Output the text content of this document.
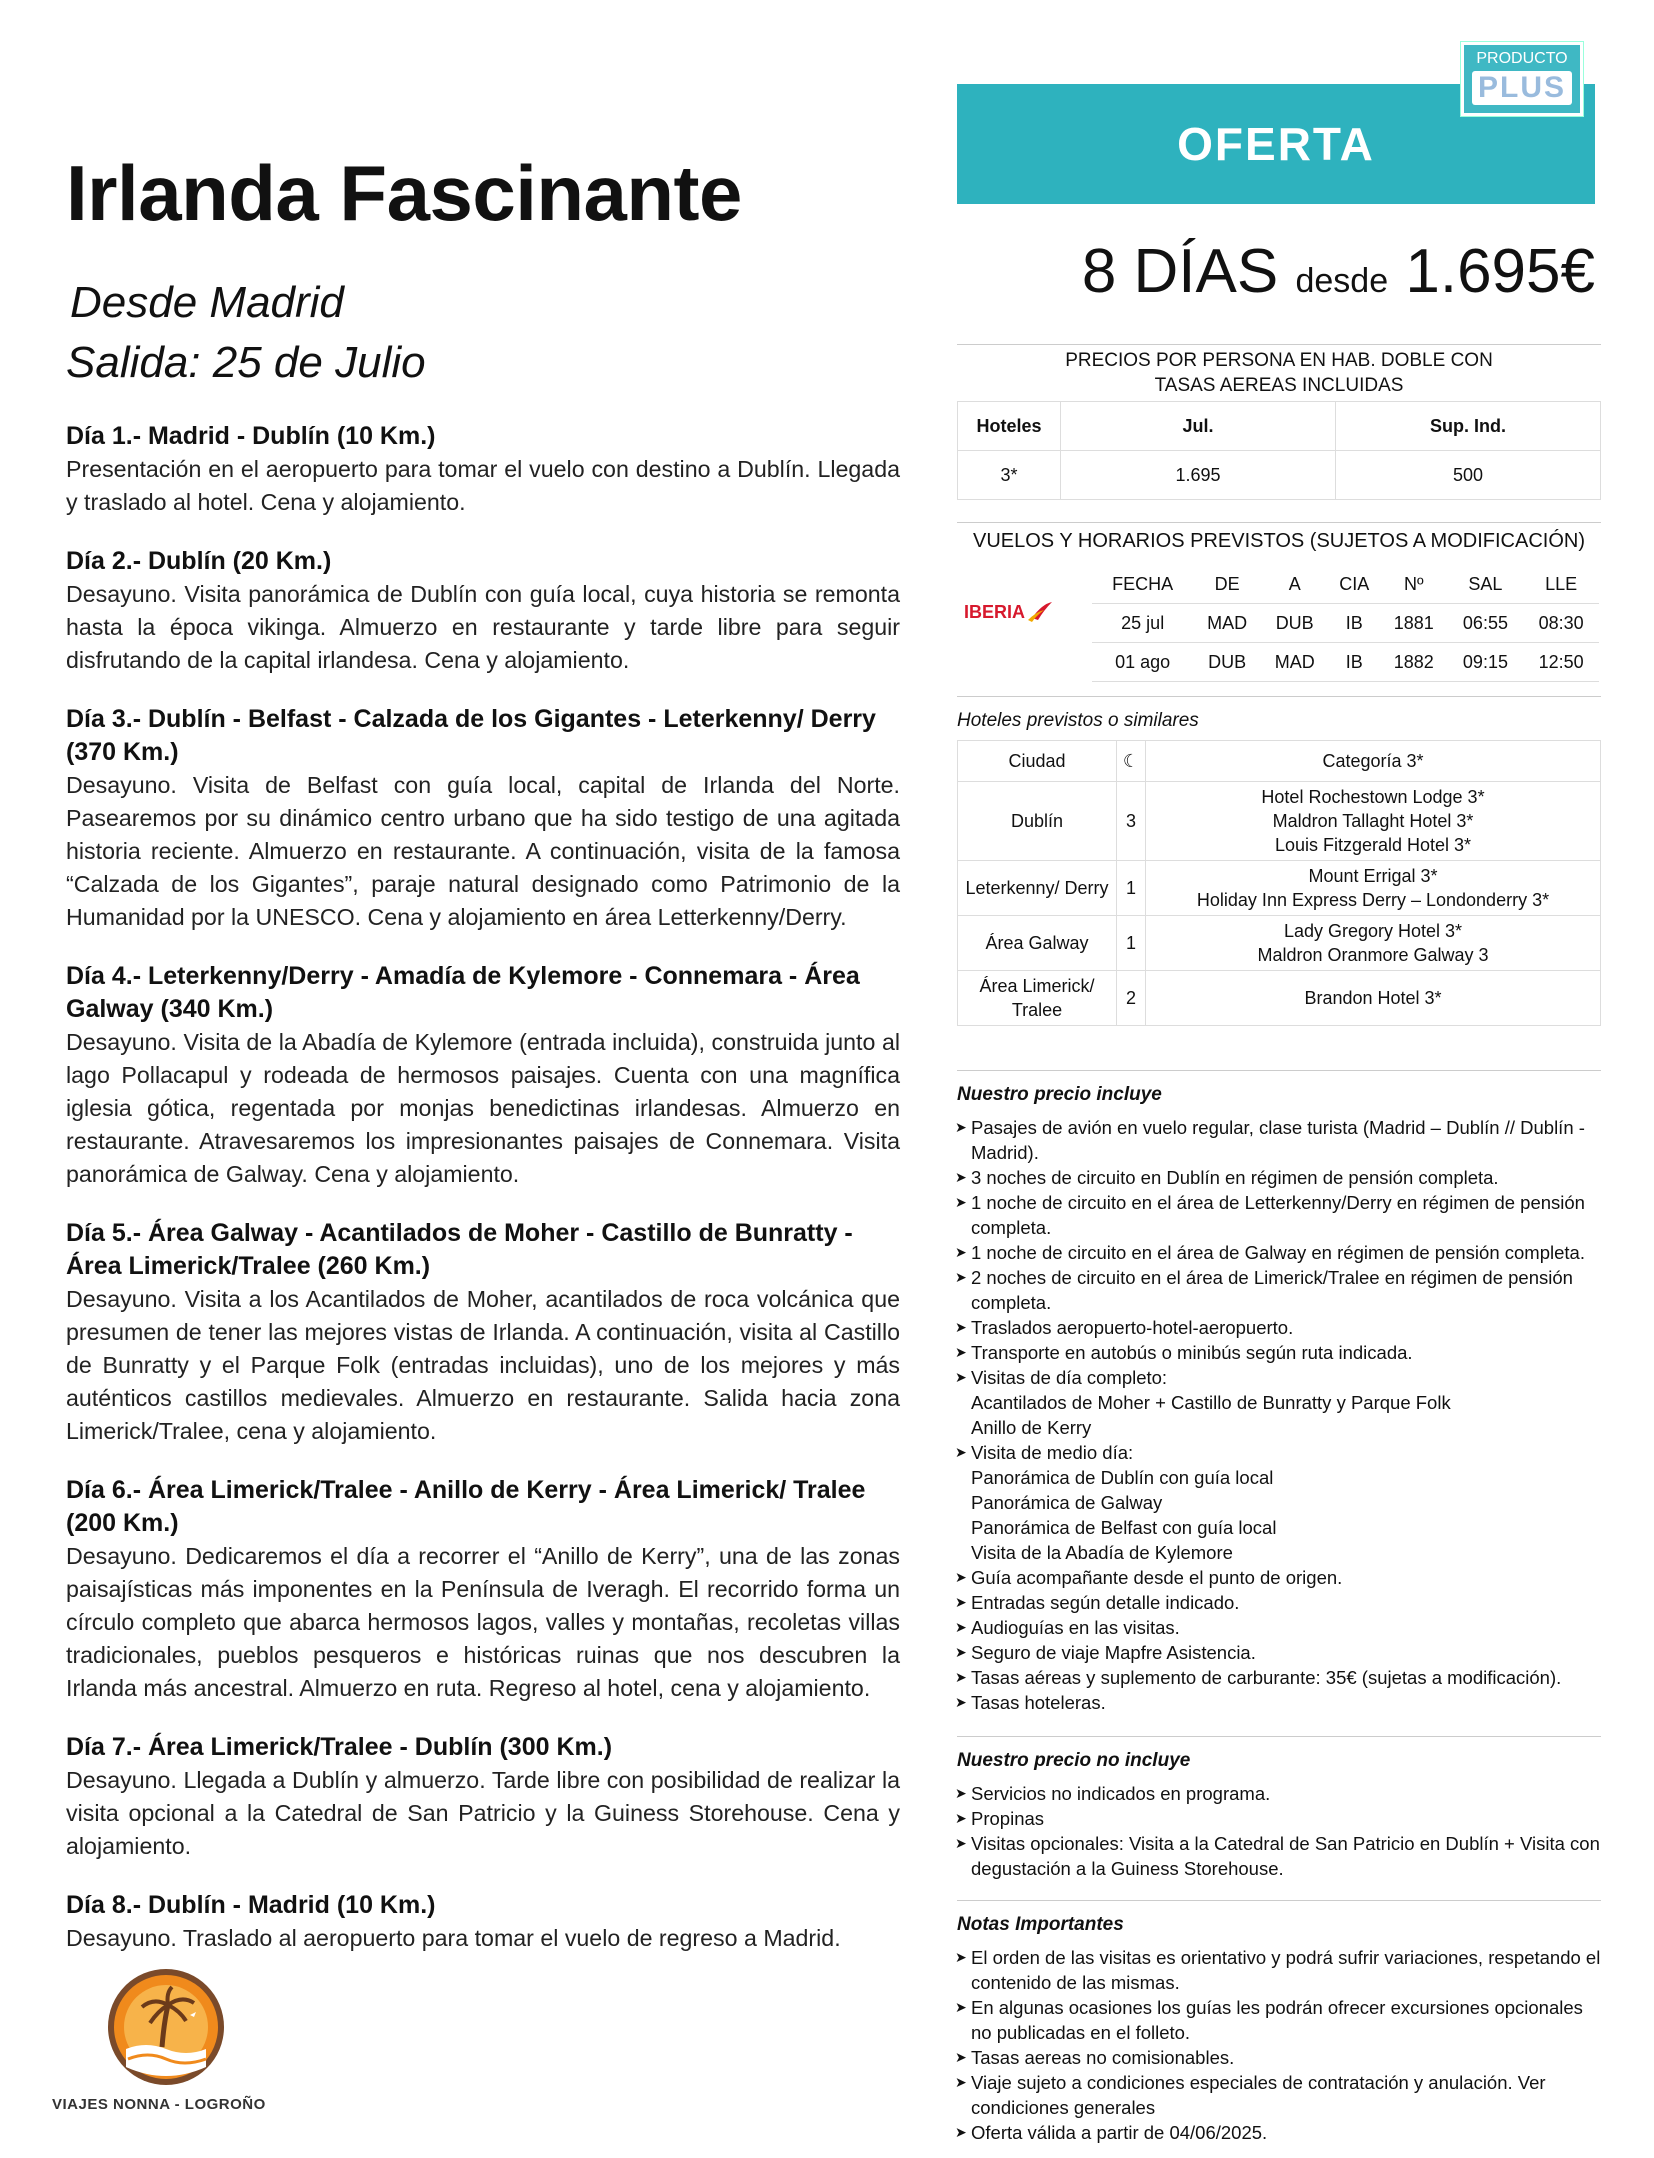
Irlanda Fascinante
Desde Madrid
Salida: 25 de Julio
Día 1.- Madrid - Dublín (10 Km.)

Presentación en el aeropuerto para tomar el vuelo con destino a Dublín. Llegada y traslado al hotel. Cena y alojamiento.

Día 2.- Dublín (20 Km.)

Desayuno. Visita panorámica de Dublín con guía local, cuya historia se remonta hasta la época vikinga. Almuerzo en restaurante y tarde libre para seguir disfrutando de la capital irlandesa. Cena y alojamiento.

Día 3.- Dublín - Belfast - Calzada de los Gigantes - Leterkenny/ Derry (370 Km.)

Desayuno. Visita de Belfast con guía local, capital de Irlanda del Norte. Pasearemos por su dinámico centro urbano que ha sido testigo de una agitada historia reciente. Almuerzo en restaurante. A continuación, visita de la famosa “Calzada de los Gigantes”, paraje natural designado como Patrimonio de la Humanidad por la UNESCO. Cena y alojamiento en área Letterkenny/Derry.

Día 4.- Leterkenny/Derry - Amadía de Kylemore - Connemara - Área Galway (340 Km.)

Desayuno. Visita de la Abadía de Kylemore (entrada incluida), construida junto al lago Pollacapul y rodeada de hermosos paisajes. Cuenta con una magnífica iglesia gótica, regentada por monjas benedictinas irlandesas. Almuerzo en restaurante. Atravesaremos los impresionantes paisajes de Connemara. Visita panorámica de Galway. Cena y alojamiento.

Día 5.- Área Galway - Acantilados de Moher - Castillo de Bunratty - Área Limerick/Tralee (260 Km.)

Desayuno. Visita a los Acantilados de Moher, acantilados de roca volcánica que presumen de tener las mejores vistas de Irlanda. A continuación, visita al Castillo de Bunratty y el Parque Folk (entradas incluidas), uno de los mejores y más auténticos castillos medievales. Almuerzo en restaurante. Salida hacia zona Limerick/Tralee, cena y alojamiento.

Día 6.- Área Limerick/Tralee - Anillo de Kerry - Área Limerick/ Tralee (200 Km.)

Desayuno. Dedicaremos el día a recorrer el “Anillo de Kerry”, una de las zonas paisajísticas más imponentes en la Península de Iveragh. El recorrido forma un círculo completo que abarca hermosos lagos, valles y montañas, recoletas villas tradicionales, pueblos pesqueros e históricas ruinas que nos descubren la Irlanda más ancestral. Almuerzo en ruta. Regreso al hotel, cena y alojamiento.

Día 7.- Área Limerick/Tralee - Dublín (300 Km.)

Desayuno. Llegada a Dublín y almuerzo. Tarde libre con posibilidad de realizar la visita opcional a la Catedral de San Patricio y la Guiness Storehouse. Cena y alojamiento.

Día 8.- Dublín - Madrid (10 Km.)

Desayuno. Traslado al aeropuerto para tomar el vuelo de regreso a Madrid.

VIAJES NONNA - LOGROÑO
OFERTA
PRODUCTO
PLUS
8 DÍAS desde 1.695€
PRECIOS POR PERSONA EN HAB. DOBLE CON
TASAS AEREAS INCLUIDAS
Hoteles	Jul.	Sup. Ind.
3*	1.695	500
VUELOS Y HORARIOS PREVISTOS (SUJETOS A MODIFICACIÓN)
IBERIA
FECHA	DE	A	CIA	Nº	SAL	LLE
25 jul	MAD	DUB	IB	1881	06:55	08:30
01 ago	DUB	MAD	IB	1882	09:15	12:50
Hoteles previstos o similares
Ciudad	☾	Categoría 3*
Dublín	3	Hotel Rochestown Lodge 3*
Maldron Tallaght Hotel 3*
Louis Fitzgerald Hotel 3*

Leterkenny/ Derry	1	Mount Errigal 3*
Holiday Inn Express Derry – Londonderry 3*

Área Galway	1	Lady Gregory Hotel 3*
Maldron Oranmore Galway 3

Área Limerick/ Tralee	2	Brandon Hotel 3*
Nuestro precio incluye
➤ Pasajes de avión en vuelo regular, clase turista (Madrid – Dublín // Dublín - Madrid).
➤ 3 noches de circuito en Dublín en régimen de pensión completa.
➤ 1 noche de circuito en el área de Letterkenny/Derry en régimen de pensión completa.
➤ 1 noche de circuito en el área de Galway en régimen de pensión completa.
➤ 2 noches de circuito en el área de Limerick/Tralee en régimen de pensión completa.
➤ Traslados aeropuerto-hotel-aeropuerto.
➤ Transporte en autobús o minibús según ruta indicada.
➤ Visitas de día completo:
Acantilados de Moher + Castillo de Bunratty y Parque Folk
Anillo de Kerry
➤ Visita de medio día:
Panorámica de Dublín con guía local
Panorámica de Galway
Panorámica de Belfast con guía local
Visita de la Abadía de Kylemore
➤ Guía acompañante desde el punto de origen.
➤ Entradas según detalle indicado.
➤ Audioguías en las visitas.
➤ Seguro de viaje Mapfre Asistencia.
➤ Tasas aéreas y suplemento de carburante: 35€ (sujetas a modificación).
➤ Tasas hoteleras.
Nuestro precio no incluye
➤ Servicios no indicados en programa.
➤ Propinas
➤ Visitas opcionales: Visita a la Catedral de San Patricio en Dublín + Visita con degustación a la Guiness Storehouse.
Notas Importantes
➤ El orden de las visitas es orientativo y podrá sufrir variaciones, respetando el contenido de las mismas.
➤ En algunas ocasiones los guías les podrán ofrecer excursiones opcionales no publicadas en el folleto.
➤ Tasas aereas no comisionables.
➤ Viaje sujeto a condiciones especiales de contratación y anulación. Ver condiciones generales
➤ Oferta válida a partir de 04/06/2025.
